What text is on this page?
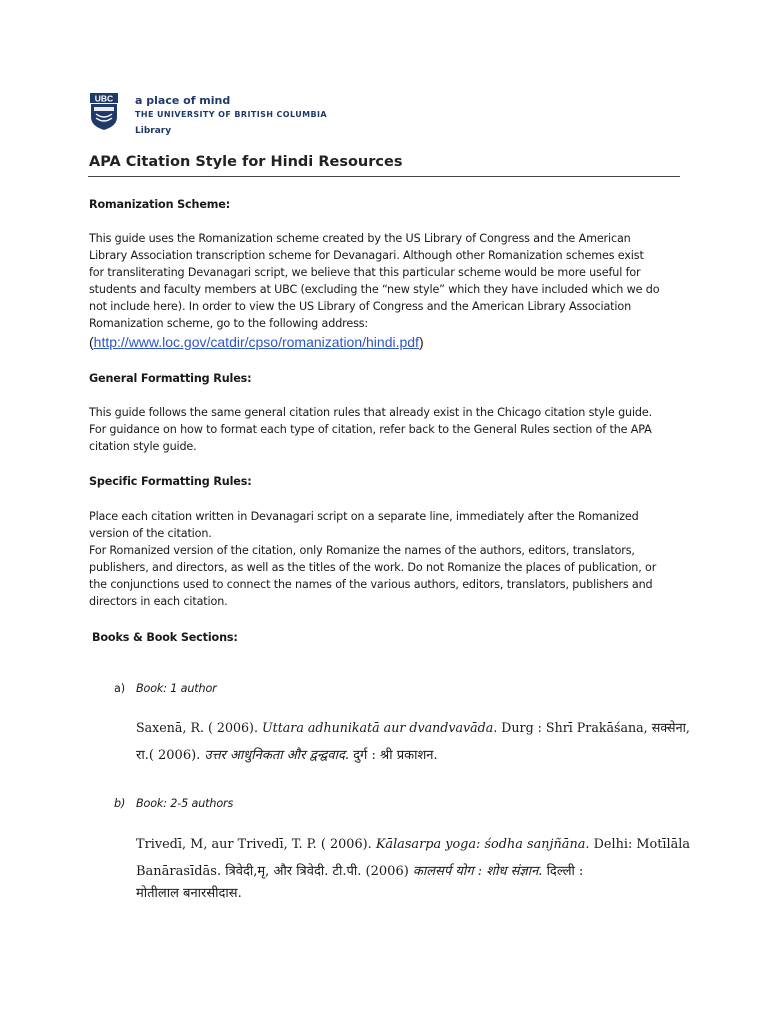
UBC a place of mind
THE UNIVERSITY OF BRITISH COLUMBIA
Library
APA Citation Style for Hindi Resources
Romanization Scheme:
This guide uses the Romanization scheme created by the US Library of Congress and the American
Library Association transcription scheme for Devanagari. Although other Romanization schemes exist
for transliterating Devanagari script, we believe that this particular scheme would be more useful for
students and faculty members at UBC (excluding the “new style” which they have included which we do
not include here). In order to view the US Library of Congress and the American Library Association
Romanization scheme, go to the following address:
(http://www.loc.gov/catdir/cpso/romanization/hindi.pdf)
General Formatting Rules:
This guide follows the same general citation rules that already exist in the Chicago citation style guide.
For guidance on how to format each type of citation, refer back to the General Rules section of the APA
citation style guide.
Specific Formatting Rules:
Place each citation written in Devanagari script on a separate line, immediately after the Romanized
version of the citation.
For Romanized version of the citation, only Romanize the names of the authors, editors, translators,
publishers, and directors, as well as the titles of the work. Do not Romanize the places of publication, or
the conjunctions used to connect the names of the various authors, editors, translators, publishers and
directors in each citation.
Books & Book Sections:
a) Book: 1 author
Saxenā, R. ( 2006). Uttara adhunikatā aur dvandvavāda. Durg : Shrī Prakāśana, सक्सेना,
रा.( 2006). उत्तर आधुनिकता और द्वन्द्ववाद. दुर्ग : श्री प्रकाशन.
b) Book: 2-5 authors
Trivedī, M, aur Trivedī, T. P. ( 2006). Kālasarpa yoga: śodha sanjñāna. Delhi: Motīlāla
Banārasīdās. त्रिवेदी,मृ, और त्रिवेदी. टी.पी. (2006) कालसर्प योग : शोध संज्ञान. दिल्ली :
मोतीलाल बनारसीदास.
